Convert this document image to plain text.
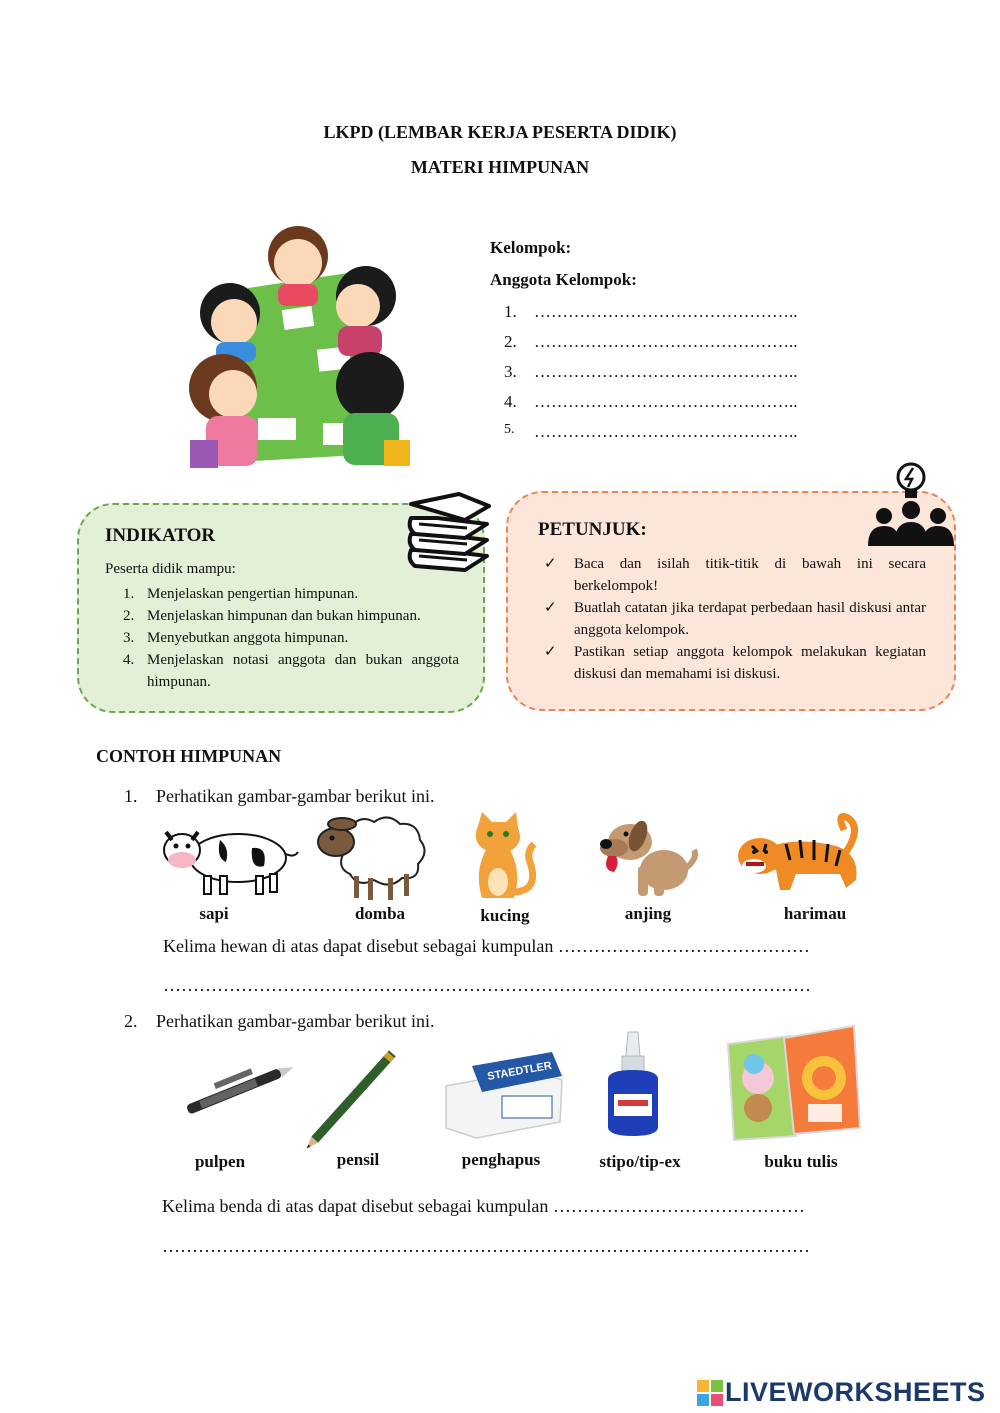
LKPD (LEMBAR KERJA PESERTA DIDIK)
MATERI HIMPUNAN
Kelompok:
Anggota Kelompok:
1.	………………………………………..
2.	………………………………………..
3.	………………………………………..
4.	………………………………………..
5.	………………………………………..
INDIKATOR
Peserta didik mampu:
1. Menjelaskan pengertian himpunan.
2. Menjelaskan himpunan dan bukan himpunan.
3. Menyebutkan anggota himpunan.
4. Menjelaskan notasi anggota dan bukan anggota himpunan.
PETUNJUK:
✓	Baca dan isilah titik-titik di bawah ini secara berkelompok!
✓	Buatlah catatan jika terdapat perbedaan hasil diskusi antar anggota kelompok.
✓	Pastikan setiap anggota kelompok melakukan kegiatan diskusi dan memahami isi diskusi.
CONTOH HIMPUNAN
1. Perhatikan gambar-gambar berikut ini.
sapi	domba	kucing	anjing	harimau
Kelima hewan di atas dapat disebut sebagai kumpulan ……………………………………
………………………………………………………………………………………………
2. Perhatikan gambar-gambar berikut ini.
STAEDTLER
pulpen	pensil	penghapus	stipo/tip-ex	buku tulis
Kelima benda di atas dapat disebut sebagai kumpulan ……………………………………
………………………………………………………………………………………………
LIVEWORKSHEETS
